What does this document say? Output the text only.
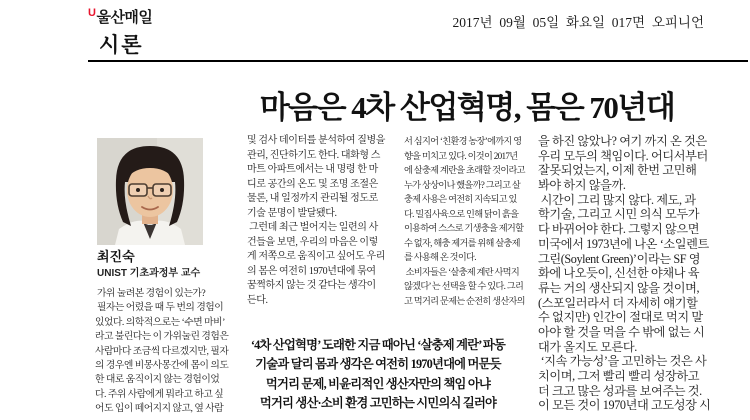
$^U$울산매일	2017년  09월  05일  화요일  017면  오피니언
시론
마음은 4차 산업혁명, 몸은 70년대
최진숙
UNIST 기초과정부 교수
가위 눌려본 경험이 있는가?
필자는 어렸을 때 두 번의 경험이
있었다. 의학적으로는 ‘수면 마비’
라고 불린다는 이 가위눌린 경험은
사람마다 조금씩 다르겠지만, 필자
의 경우엔 비몽사몽간에 몸이 의도
한 대로 움직이지 않는 경험이었
다. 주위 사람에게 뭐라고 하고 싶
어도 입이 떼어지지 않고, 옆 사람
및 검사 데이터를 분석하여 질병을
관리, 진단하기도 한다. 대화형 스
마트 아파트에서는 내 명령 한 마
디로 공간의 온도 및 조명 조절은
물론, 내 일정까지 관리될 정도로
기술 문명이 발달됐다.
그런데 최근 벌어지는 일련의 사
건들을 보면, 우리의 마음은 이렇
게 저쪽으로 움직이고 싶어도 우리
의 몸은 여전히 1970년대에 묶여
꿈쩍하지 않는 것 같다는 생각이
든다.
서 심지어 ‘친환경 농장’에까지 영
향을 미치고 있다. 이것이 2017년
에 살충제 계란을 초래할 것이라고
누가 상상이나 했을까? 그리고 살
충제 사용은 여전히 지속되고 있
다. 밀집사육으로 인해 닭이 흙을
이용하여 스스로 기생충을 제거할
수 없자, 해충 제거를 위해 살충제
를 사용해 온 것이다.
소비자들은 ‘살충제 계란 사먹지
않겠다’ 는 선택을 할 수 있다. 그리
고 먹거리 문제는 순전히 생산자의
‘4차 산업혁명’ 도래한 지금 때아닌 ‘살충제 계란’ 파동
기술과 달리 몸과 생각은 여전히 1970년대에 머문듯
먹거리 문제, 비윤리적인 생산자만의 책임 아냐
먹거리 생산·소비 환경 고민하는 시민의식 길러야
을 하진 않았나? 여기 까지 온 것은
우리 모두의 책임이다. 어디서부터
잘못되었는지, 이제 한번 고민해
봐야 하지 않을까.
시간이 그리 많지 않다. 제도, 과
학기술, 그리고 시민 의식 모두가
다 바뀌어야 한다. 그렇지 않으면
미국에서 1973년에 나온 ‘소일렌트
그린(Soylent Green)’이라는 SF 영
화에 나오듯이, 신선한 야채나 육
류는 거의 생산되지 않을 것이며,
(스포일러라서 더 자세히 얘기할
수 없지만) 인간이 절대로 먹지 말
아야 할 것을 먹을 수 밖에 없는 시
대가 올지도 모른다.
‘지속 가능성’을 고민하는 것은 사
치이며, 그저 빨리 빨리 성장하고
더 크고 많은 성과를 보여주는 것.
이 모든 것이 1970년대 고도성장 시
